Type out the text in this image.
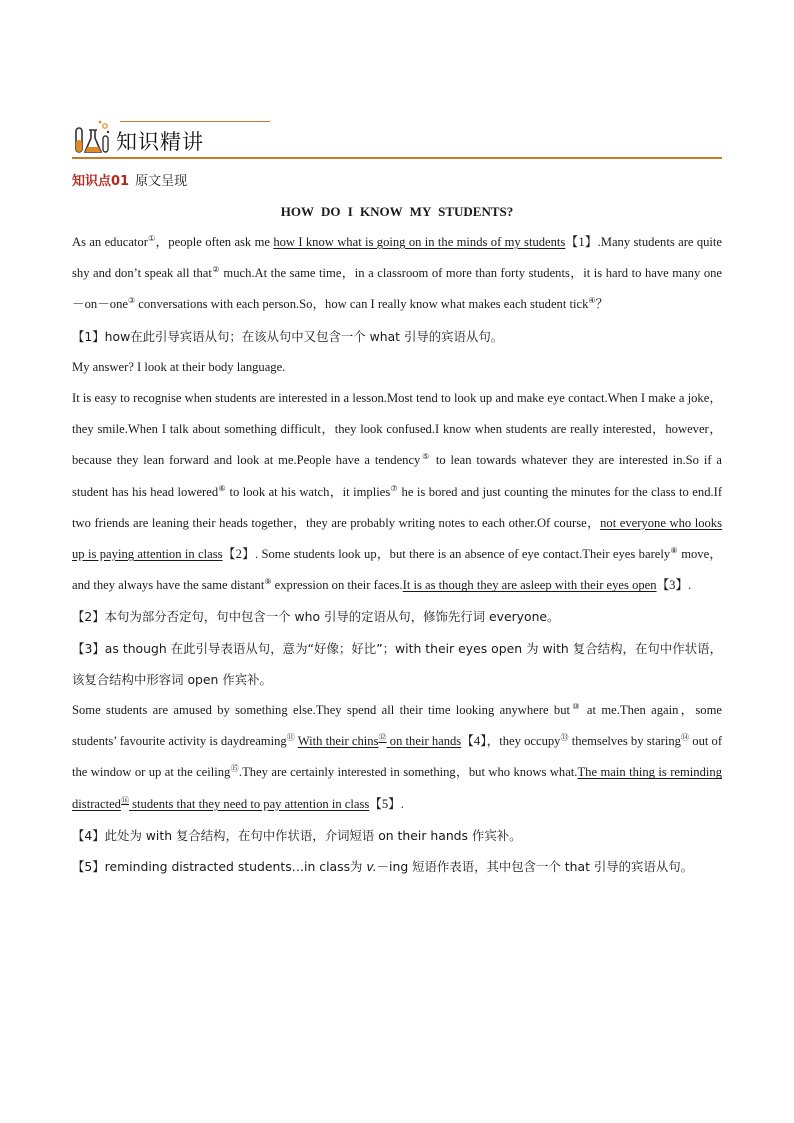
知识精讲
知识点01 原文呈现
HOW DO I KNOW MY STUDENTS?

As an educator①，people often ask me how I know what is going on in the minds of my students【1】.Many students are quite shy and don’t speak all that② much.At the same time，in a classroom of more than forty students，it is hard to have many one－on－one③ conversations with each person.So，how can I really know what makes each student tick④？

【1】how在此引导宾语从句；在该从句中又包含一个 what 引导的宾语从句。

My answer? I look at their body language.

It is easy to recognise when students are interested in a lesson.Most tend to look up and make eye contact.When I make a joke，they smile.When I talk about something difficult，they look confused.I know when students are really interested，however，because they lean forward and look at me.People have a tendency⑤ to lean towards whatever they are interested in.So if a student has his head lowered⑥ to look at his watch，it implies⑦ he is bored and just counting the minutes for the class to end.If two friends are leaning their heads together，they are probably writing notes to each other.Of course，not everyone who looks up is paying attention in class【2】. Some students look up，but there is an absence of eye contact.Their eyes barely⑧ move，and they always have the same distant⑨ expression on their faces.It is as though they are asleep with their eyes open【3】.

【2】本句为部分否定句，句中包含一个 who 引导的定语从句，修饰先行词 everyone。

【3】as though 在此引导表语从句，意为“好像；好比”；with their eyes open 为 with 复合结构，在句中作状语，该复合结构中形容词 open 作宾补。

Some students are amused by something else.They spend all their time looking anywhere but⑩ at me.Then again，some students’ favourite activity is daydreaming⑪ With their chins⑫ on their hands【4】，they occupy⑬ themselves by staring⑭ out of the window or up at the ceiling⑮.They are certainly interested in something，but who knows what.The main thing is reminding distracted⑯ students that they need to pay attention in class【5】.

【4】此处为 with 复合结构，在句中作状语，介词短语 on their hands 作宾补。

【5】reminding distracted students…in class为 v.－ing 短语作表语，其中包含一个 that 引导的宾语从句。
